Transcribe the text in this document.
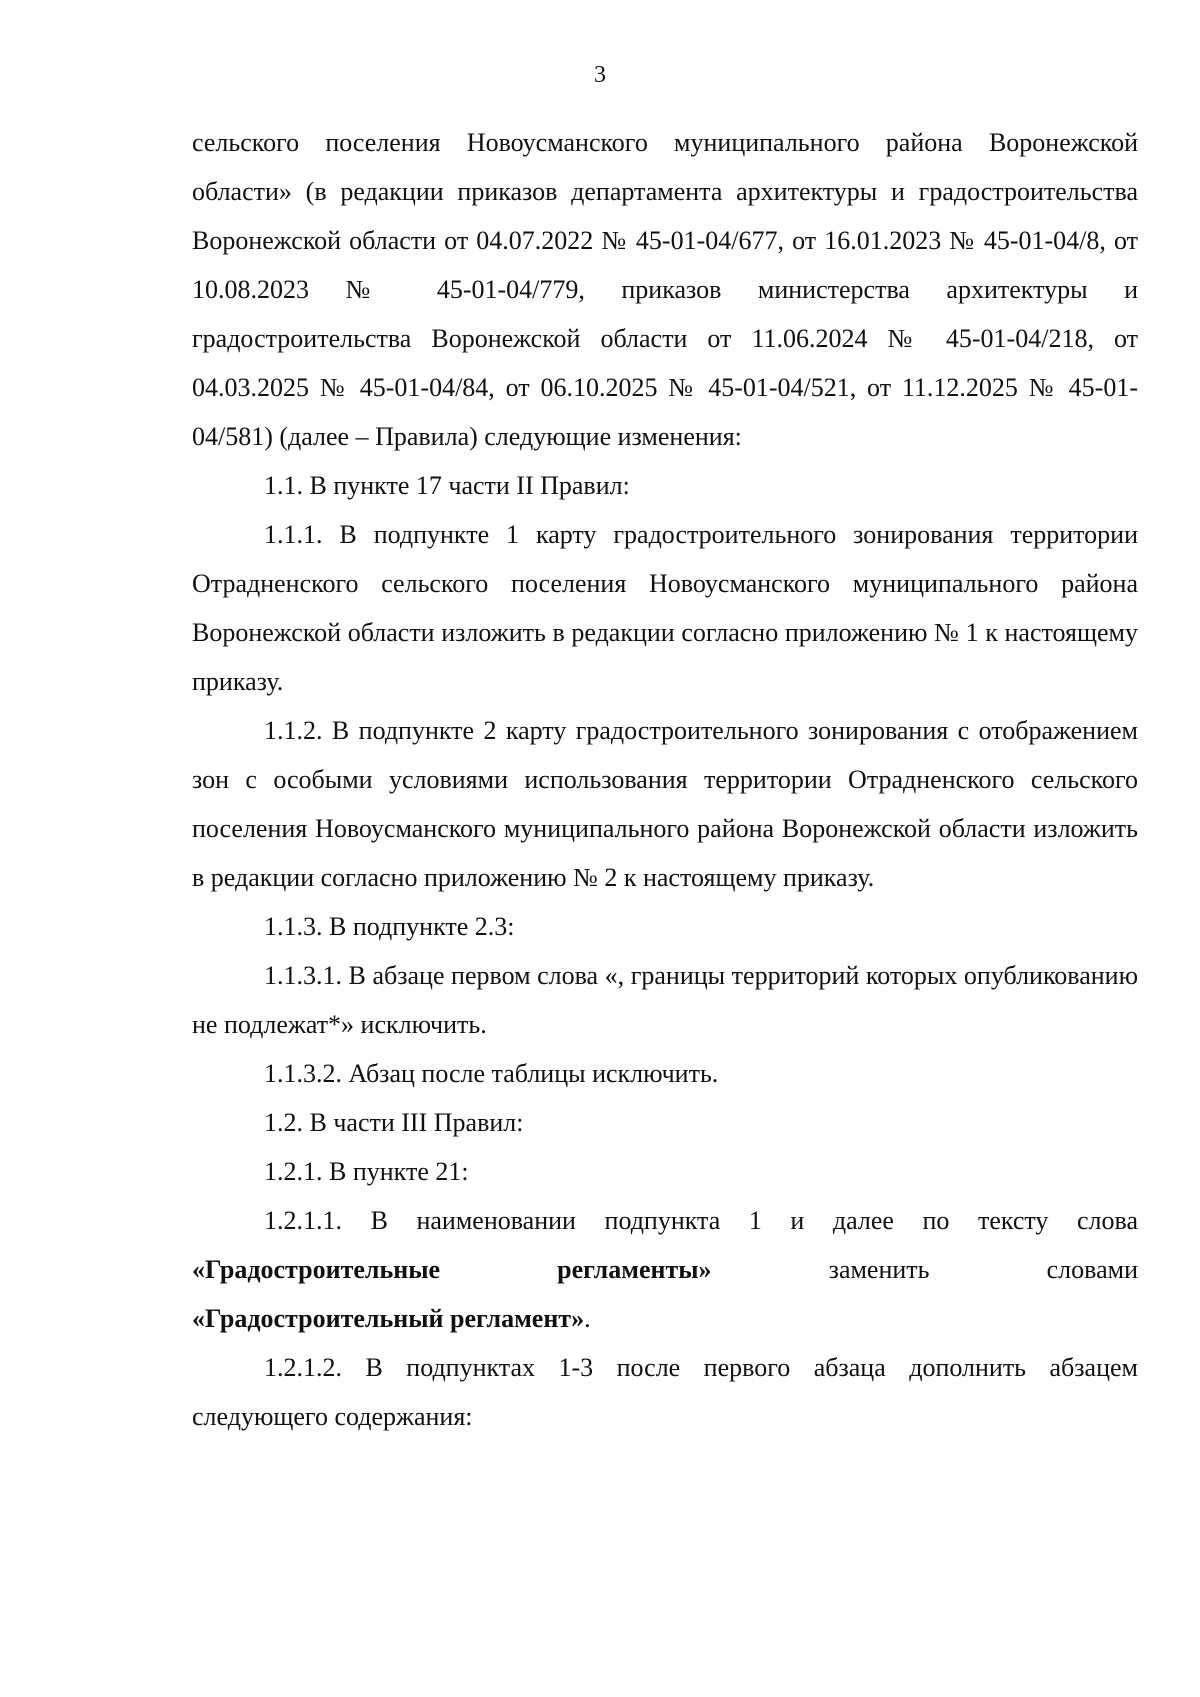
3

сельского поселения Новоусманского муниципального района Воронежской области» (в редакции приказов департамента архитектуры и градостроительства Воронежской области от 04.07.2022 № 45-01-04/677, от 16.01.2023 № 45-01-04/8, от 10.08.2023 № 45-01-04/779, приказов министерства архитектуры и градостроительства Воронежской области от 11.06.2024 № 45-01-04/218, от 04.03.2025 № 45-01-04/84, от 06.10.2025 № 45-01-04/521, от 11.12.2025 № 45-01-04/581) (далее – Правила) следующие изменения:

1.1. В пункте 17 части II Правил:

1.1.1. В подпункте 1 карту градостроительного зонирования территории Отрадненского сельского поселения Новоусманского муниципального района Воронежской области изложить в редакции согласно приложению № 1 к настоящему приказу.

1.1.2. В подпункте 2 карту градостроительного зонирования с отображением зон с особыми условиями использования территории Отрадненского сельского поселения Новоусманского муниципального района Воронежской области изложить в редакции согласно приложению № 2 к настоящему приказу.

1.1.3. В подпункте 2.3:

1.1.3.1. В абзаце первом слова «, границы территорий которых опубликованию не подлежат*» исключить.

1.1.3.2. Абзац после таблицы исключить.

1.2. В части III Правил:

1.2.1. В пункте 21:

1.2.1.1. В наименовании подпункта 1 и далее по тексту слова «Градостроительные регламенты»	заменить словами

«Градостроительный регламент».

1.2.1.2. В подпунктах 1-3 после первого абзаца дополнить абзацем следующего содержания:
